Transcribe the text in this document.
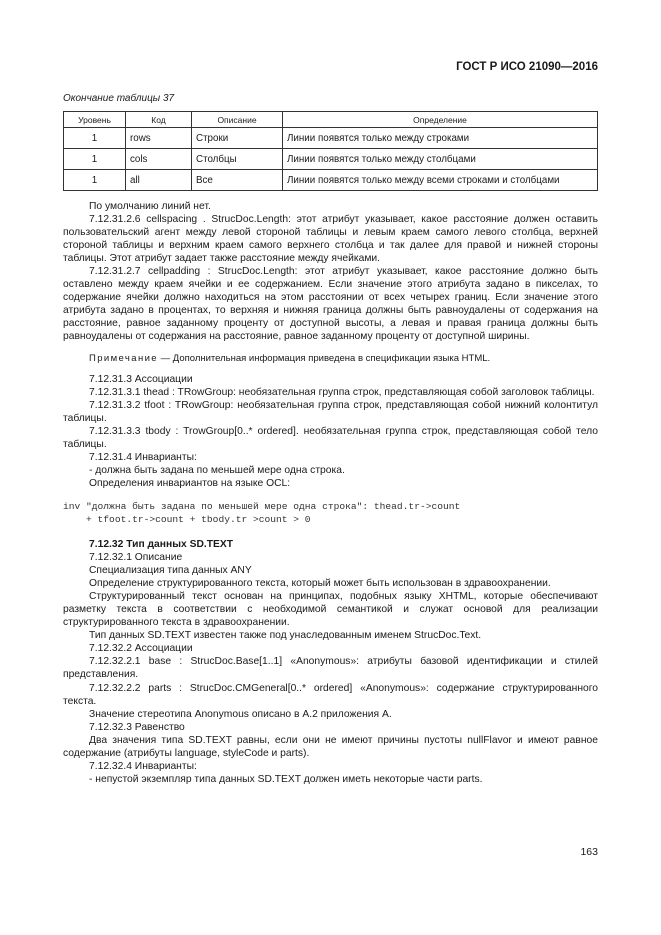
ГОСТ Р ИСО 21090—2016
Окончание таблицы 37
Уровень	Код	Описание	Определение
1	rows	Строки	Линии появятся только между строками
1	cols	Столбцы	Линии появятся только между столбцами
1	all	Все	Линии появятся только между всеми строками и столбцами

По умолчанию линий нет.

7.12.31.2.6 cellspacing . StrucDoc.Length: этот атрибут указывает, какое расстояние должен оставить пользовательский агент между левой стороной таблицы и левым краем самого левого столбца, верхней стороной таблицы и верхним краем самого верхнего столбца и так далее для правой и нижней стороны таблицы. Этот атрибут задает также расстояние между ячейками.

7.12.31.2.7 cellpadding : StrucDoc.Length: этот атрибут указывает, какое расстояние должно быть оставлено между краем ячейки и ее содержанием. Если значение этого атрибута задано в пикселах, то содержание ячейки должно находиться на этом расстоянии от всех четырех границ. Если значение этого атрибута задано в процентах, то верхняя и нижняя граница должны быть равноудалены от содержания на расстояние, равное заданному проценту от доступной высоты, а левая и правая граница должны быть равноудалены от содержания на расстояние, равное заданному проценту от доступной ширины.

Примечание — Дополнительная информация приведена в спецификации языка HTML.

7.12.31.3 Ассоциации

7.12.31.3.1 thead : TRowGroup: необязательная группа строк, представляющая собой заголовок таблицы.

7.12.31.3.2 tfoot : TRowGroup: необязательная группа строк, представляющая собой нижний колонтитул таблицы.

7.12.31.3.3 tbody : TrowGroup[0..* ordered]. необязательная группа строк, представляющая собой тело таблицы.

7.12.31.4 Инварианты:

- должна быть задана по меньшей мере одна строка.

Определения инвариантов на языке OCL:

inv "должна быть задана по меньшей мере одна строка": thead.tr->count
+ tfoot.tr->count + tbody.tr >count > 0

7.12.32 Тип данных SD.TEXT

7.12.32.1 Описание

Специализация типа данных ANY

Определение структурированного текста, который может быть использован в здравоохранении.

Структурированный текст основан на принципах, подобных языку XHTML, которые обеспечивают разметку текста в соответствии с необходимой семантикой и служат основой для реализации структурированного текста в здравоохранении.

Тип данных SD.TEXT известен также под унаследованным именем StrucDoc.Text.

7.12.32.2 Ассоциации

7.12.32.2.1 base : StrucDoc.Base[1..1] «Anonymous»: атрибуты базовой идентификации и стилей представления.

7.12.32.2.2 parts : StrucDoc.CMGeneral[0..* ordered] «Anonymous»: содержание структурированного текста.

Значение стереотипа Anonymous описано в А.2 приложения А.

7.12.32.3 Равенство

Два значения типа SD.TEXT равны, если они не имеют причины пустоты nullFlavor и имеют равное содержание (атрибуты language, styleCode и parts).

7.12.32.4 Инварианты:

- непустой экземпляр типа данных SD.TEXT должен иметь некоторые части parts.

163
